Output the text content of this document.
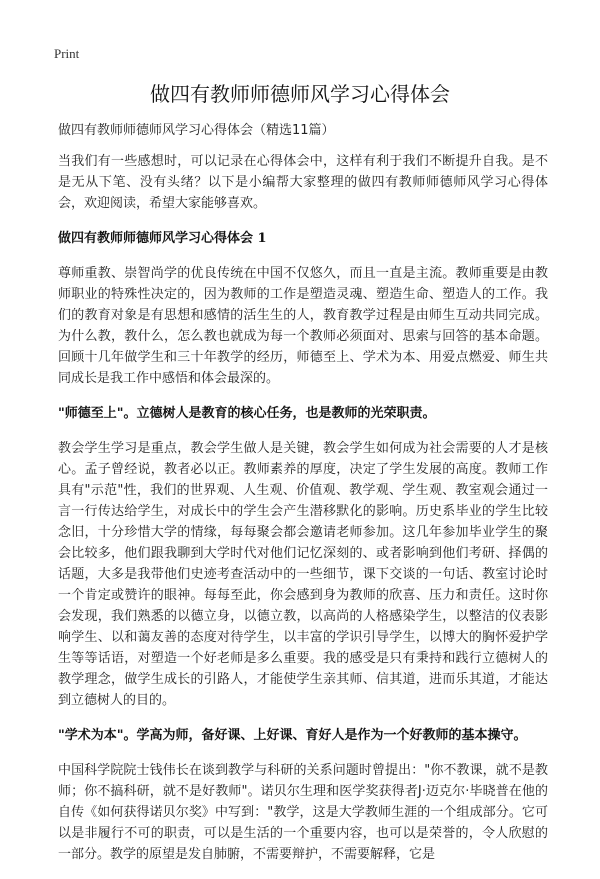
Print
做四有教师师德师风学习心得体会

做四有教师师德师风学习心得体会（精选11篇）

当我们有一些感想时，可以记录在心得体会中，这样有利于我们不断提升自我。是不是无从下笔、没有头绪？以下是小编帮大家整理的做四有教师师德师风学习心得体会，欢迎阅读，希望大家能够喜欢。

做四有教师师德师风学习心得体会 1

尊师重教、崇智尚学的优良传统在中国不仅悠久，而且一直是主流。教师重要是由教师职业的特殊性决定的，因为教师的工作是塑造灵魂、塑造生命、塑造人的工作。我们的教育对象是有思想和感情的活生生的人，教育教学过程是由师生互动共同完成。为什么教，教什么，怎么教也就成为每一个教师必须面对、思索与回答的基本命题。回顾十几年做学生和三十年教学的经历，师德至上、学术为本、用爱点燃爱、师生共同成长是我工作中感悟和体会最深的。

"师德至上"。立德树人是教育的核心任务，也是教师的光荣职责。

教会学生学习是重点，教会学生做人是关键，教会学生如何成为社会需要的人才是核心。孟子曾经说，教者必以正。教师素养的厚度，决定了学生发展的高度。教师工作具有"示范"性，我们的世界观、人生观、价值观、教学观、学生观、教室观会通过一言一行传达给学生，对成长中的学生会产生潜移默化的影响。历史系毕业的学生比较念旧，十分珍惜大学的情缘，每每聚会都会邀请老师参加。这几年参加毕业学生的聚会比较多，他们跟我聊到大学时代对他们记忆深刻的、或者影响到他们考研、择偶的话题，大多是我带他们史迹考查活动中的一些细节，课下交谈的一句话、教室讨论时一个肯定或赞许的眼神。每每至此，你会感到身为教师的欣喜、压力和责任。这时你会发现，我们熟悉的以德立身，以德立教，以高尚的人格感染学生，以整洁的仪表影响学生、以和蔼友善的态度对待学生，以丰富的学识引导学生，以博大的胸怀爱护学生等等话语，对塑造一个好老师是多么重要。我的感受是只有秉持和践行立德树人的教学理念，做学生成长的引路人，才能使学生亲其师、信其道，进而乐其道，才能达到立德树人的目的。

"学术为本"。学高为师，备好课、上好课、育好人是作为一个好教师的基本操守。

中国科学院院士钱伟长在谈到教学与科研的关系问题时曾提出："你不教课，就不是教师；你不搞科研，就不是好教师"。诺贝尔生理和医学奖获得者J·迈克尔·毕晓普在他的自传《如何获得诺贝尔奖》中写到："教学，这是大学教师生涯的一个组成部分。它可以是非履行不可的职责，可以是生活的一个重要内容，也可以是荣誉的，令人欣慰的一部分。教学的原望是发自肺腑，不需要辩护，不需要解释，它是
